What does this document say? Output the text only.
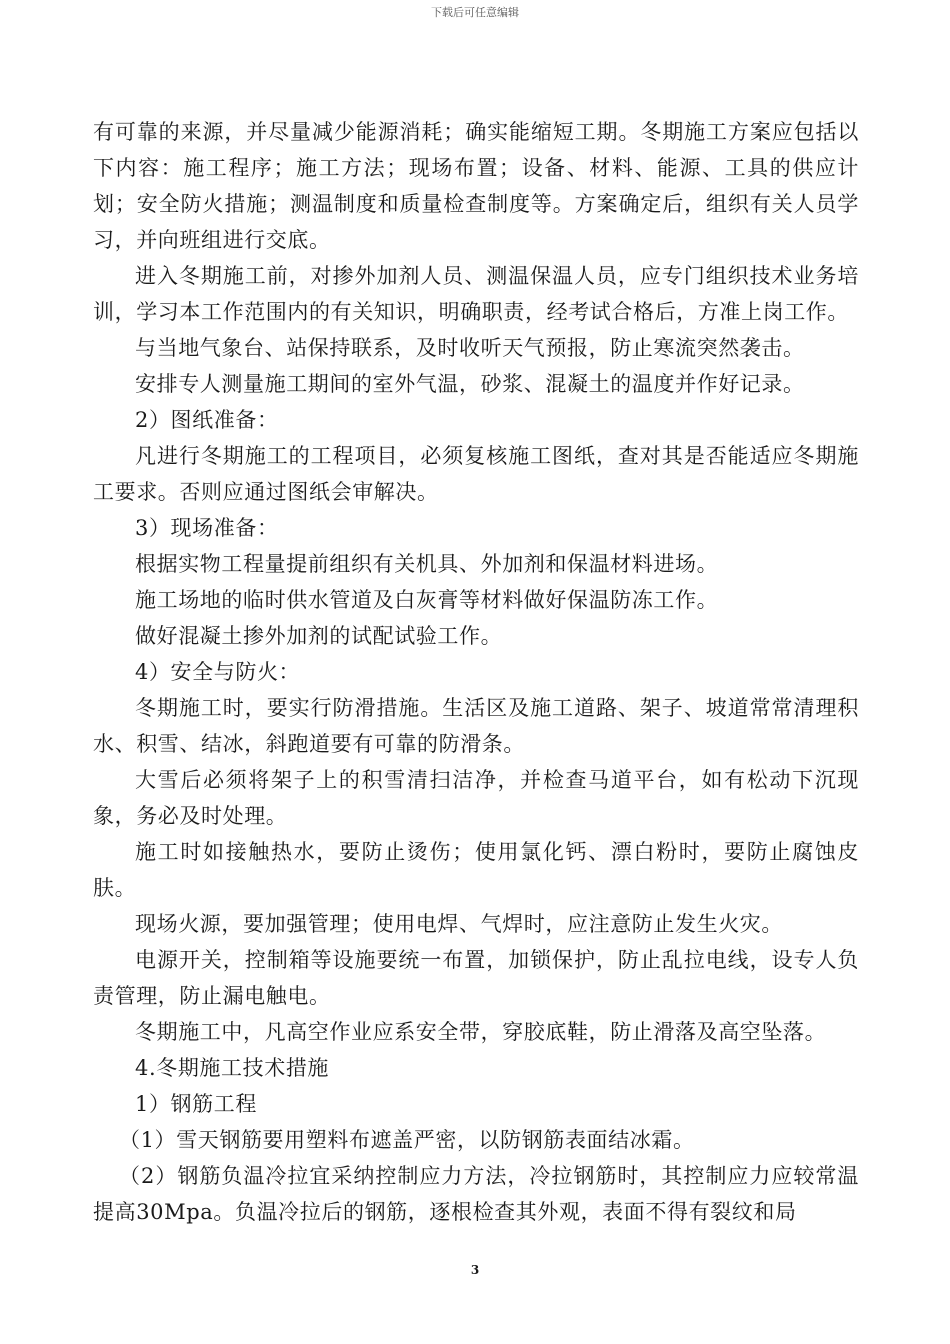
下载后可任意编辑

有可靠的来源，并尽量减少能源消耗；确实能缩短工期。冬期施工方案应包括以下内容：施工程序；施工方法；现场布置；设备、材料、能源、工具的供应计划；安全防火措施；测温制度和质量检查制度等。方案确定后，组织有关人员学习，并向班组进行交底。

进入冬期施工前，对掺外加剂人员、测温保温人员，应专门组织技术业务培训，学习本工作范围内的有关知识，明确职责，经考试合格后，方准上岗工作。

与当地气象台、站保持联系，及时收听天气预报，防止寒流突然袭击。

安排专人测量施工期间的室外气温，砂浆、混凝土的温度并作好记录。

2）图纸准备：

凡进行冬期施工的工程项目，必须复核施工图纸，查对其是否能适应冬期施工要求。否则应通过图纸会审解决。

3）现场准备：

根据实物工程量提前组织有关机具、外加剂和保温材料进场。

施工场地的临时供水管道及白灰膏等材料做好保温防冻工作。

做好混凝土掺外加剂的试配试验工作。

4）安全与防火：

冬期施工时，要实行防滑措施。生活区及施工道路、架子、坡道常常清理积水、积雪、结冰，斜跑道要有可靠的防滑条。

大雪后必须将架子上的积雪清扫洁净，并检查马道平台，如有松动下沉现象，务必及时处理。

施工时如接触热水，要防止烫伤；使用氯化钙、漂白粉时，要防止腐蚀皮肤。

现场火源，要加强管理；使用电焊、气焊时，应注意防止发生火灾。

电源开关，控制箱等设施要统一布置，加锁保护，防止乱拉电线，设专人负责管理，防止漏电触电。

冬期施工中，凡高空作业应系安全带，穿胶底鞋，防止滑落及高空坠落。

4.冬期施工技术措施

1）钢筋工程

（1）雪天钢筋要用塑料布遮盖严密，以防钢筋表面结冰霜。

（2）钢筋负温冷拉宜采纳控制应力方法，冷拉钢筋时，其控制应力应较常温提高30Mpa。负温冷拉后的钢筋，逐根检查其外观，表面不得有裂纹和局

3
